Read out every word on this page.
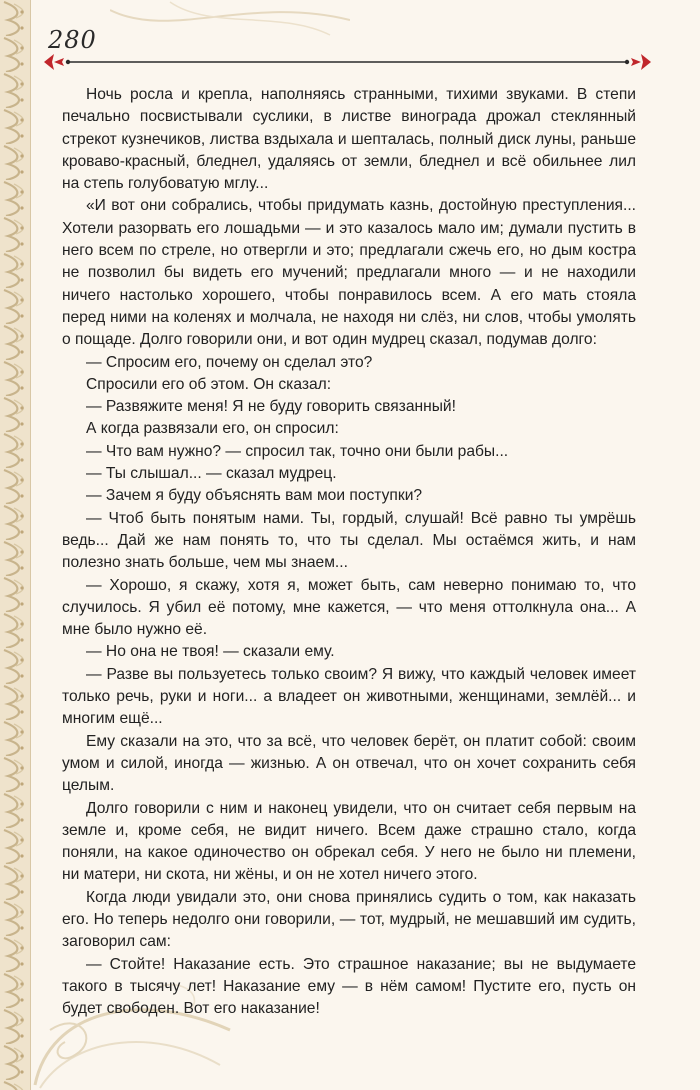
280

Ночь росла и крепла, наполняясь странными, тихими звуками. В степи печально посвистывали суслики, в листве винограда дрожал стеклянный стрекот кузнечиков, листва вздыхала и шепталась, полный диск луны, раньше кроваво-красный, бледнел, удаляясь от земли, бледнел и всё обильнее лил на степь голубоватую мглу...

«И вот они собрались, чтобы придумать казнь, достойную преступления... Хотели разорвать его лошадьми — и это казалось мало им; думали пустить в него всем по стреле, но отвергли и это; предлагали сжечь его, но дым костра не позволил бы видеть его мучений; предлагали много — и не находили ничего настолько хорошего, чтобы понравилось всем. А его мать стояла перед ними на коленях и молчала, не находя ни слёз, ни слов, чтобы умолять о пощаде. Долго говорили они, и вот один мудрец сказал, подумав долго:

— Спросим его, почему он сделал это?

Спросили его об этом. Он сказал:

— Развяжите меня! Я не буду говорить связанный!

А когда развязали его, он спросил:

— Что вам нужно? — спросил так, точно они были рабы...

— Ты слышал... — сказал мудрец.

— Зачем я буду объяснять вам мои поступки?

— Чтоб быть понятым нами. Ты, гордый, слушай! Всё равно ты умрёшь ведь... Дай же нам понять то, что ты сделал. Мы остаёмся жить, и нам полезно знать больше, чем мы знаем...

— Хорошо, я скажу, хотя я, может быть, сам неверно понимаю то, что случилось. Я убил её потому, мне кажется, — что меня оттолкнула она... А мне было нужно её.

— Но она не твоя! — сказали ему.

— Разве вы пользуетесь только своим? Я вижу, что каждый человек имеет только речь, руки и ноги... а владеет он животными, женщинами, землёй... и многим ещё...

Ему сказали на это, что за всё, что человек берёт, он платит собой: своим умом и силой, иногда — жизнью. А он отвечал, что он хочет сохранить себя целым.

Долго говорили с ним и наконец увидели, что он считает себя первым на земле и, кроме себя, не видит ничего. Всем даже страшно стало, когда поняли, на какое одиночество он обрекал себя. У него не было ни племени, ни матери, ни скота, ни жёны, и он не хотел ничего этого.

Когда люди увидали это, они снова принялись судить о том, как наказать его. Но теперь недолго они говорили, — тот, мудрый, не мешавший им судить, заговорил сам:

— Стойте! Наказание есть. Это страшное наказание; вы не выдумаете такого в тысячу лет! Наказание ему — в нём самом! Пустите его, пусть он будет свободен. Вот его наказание!
